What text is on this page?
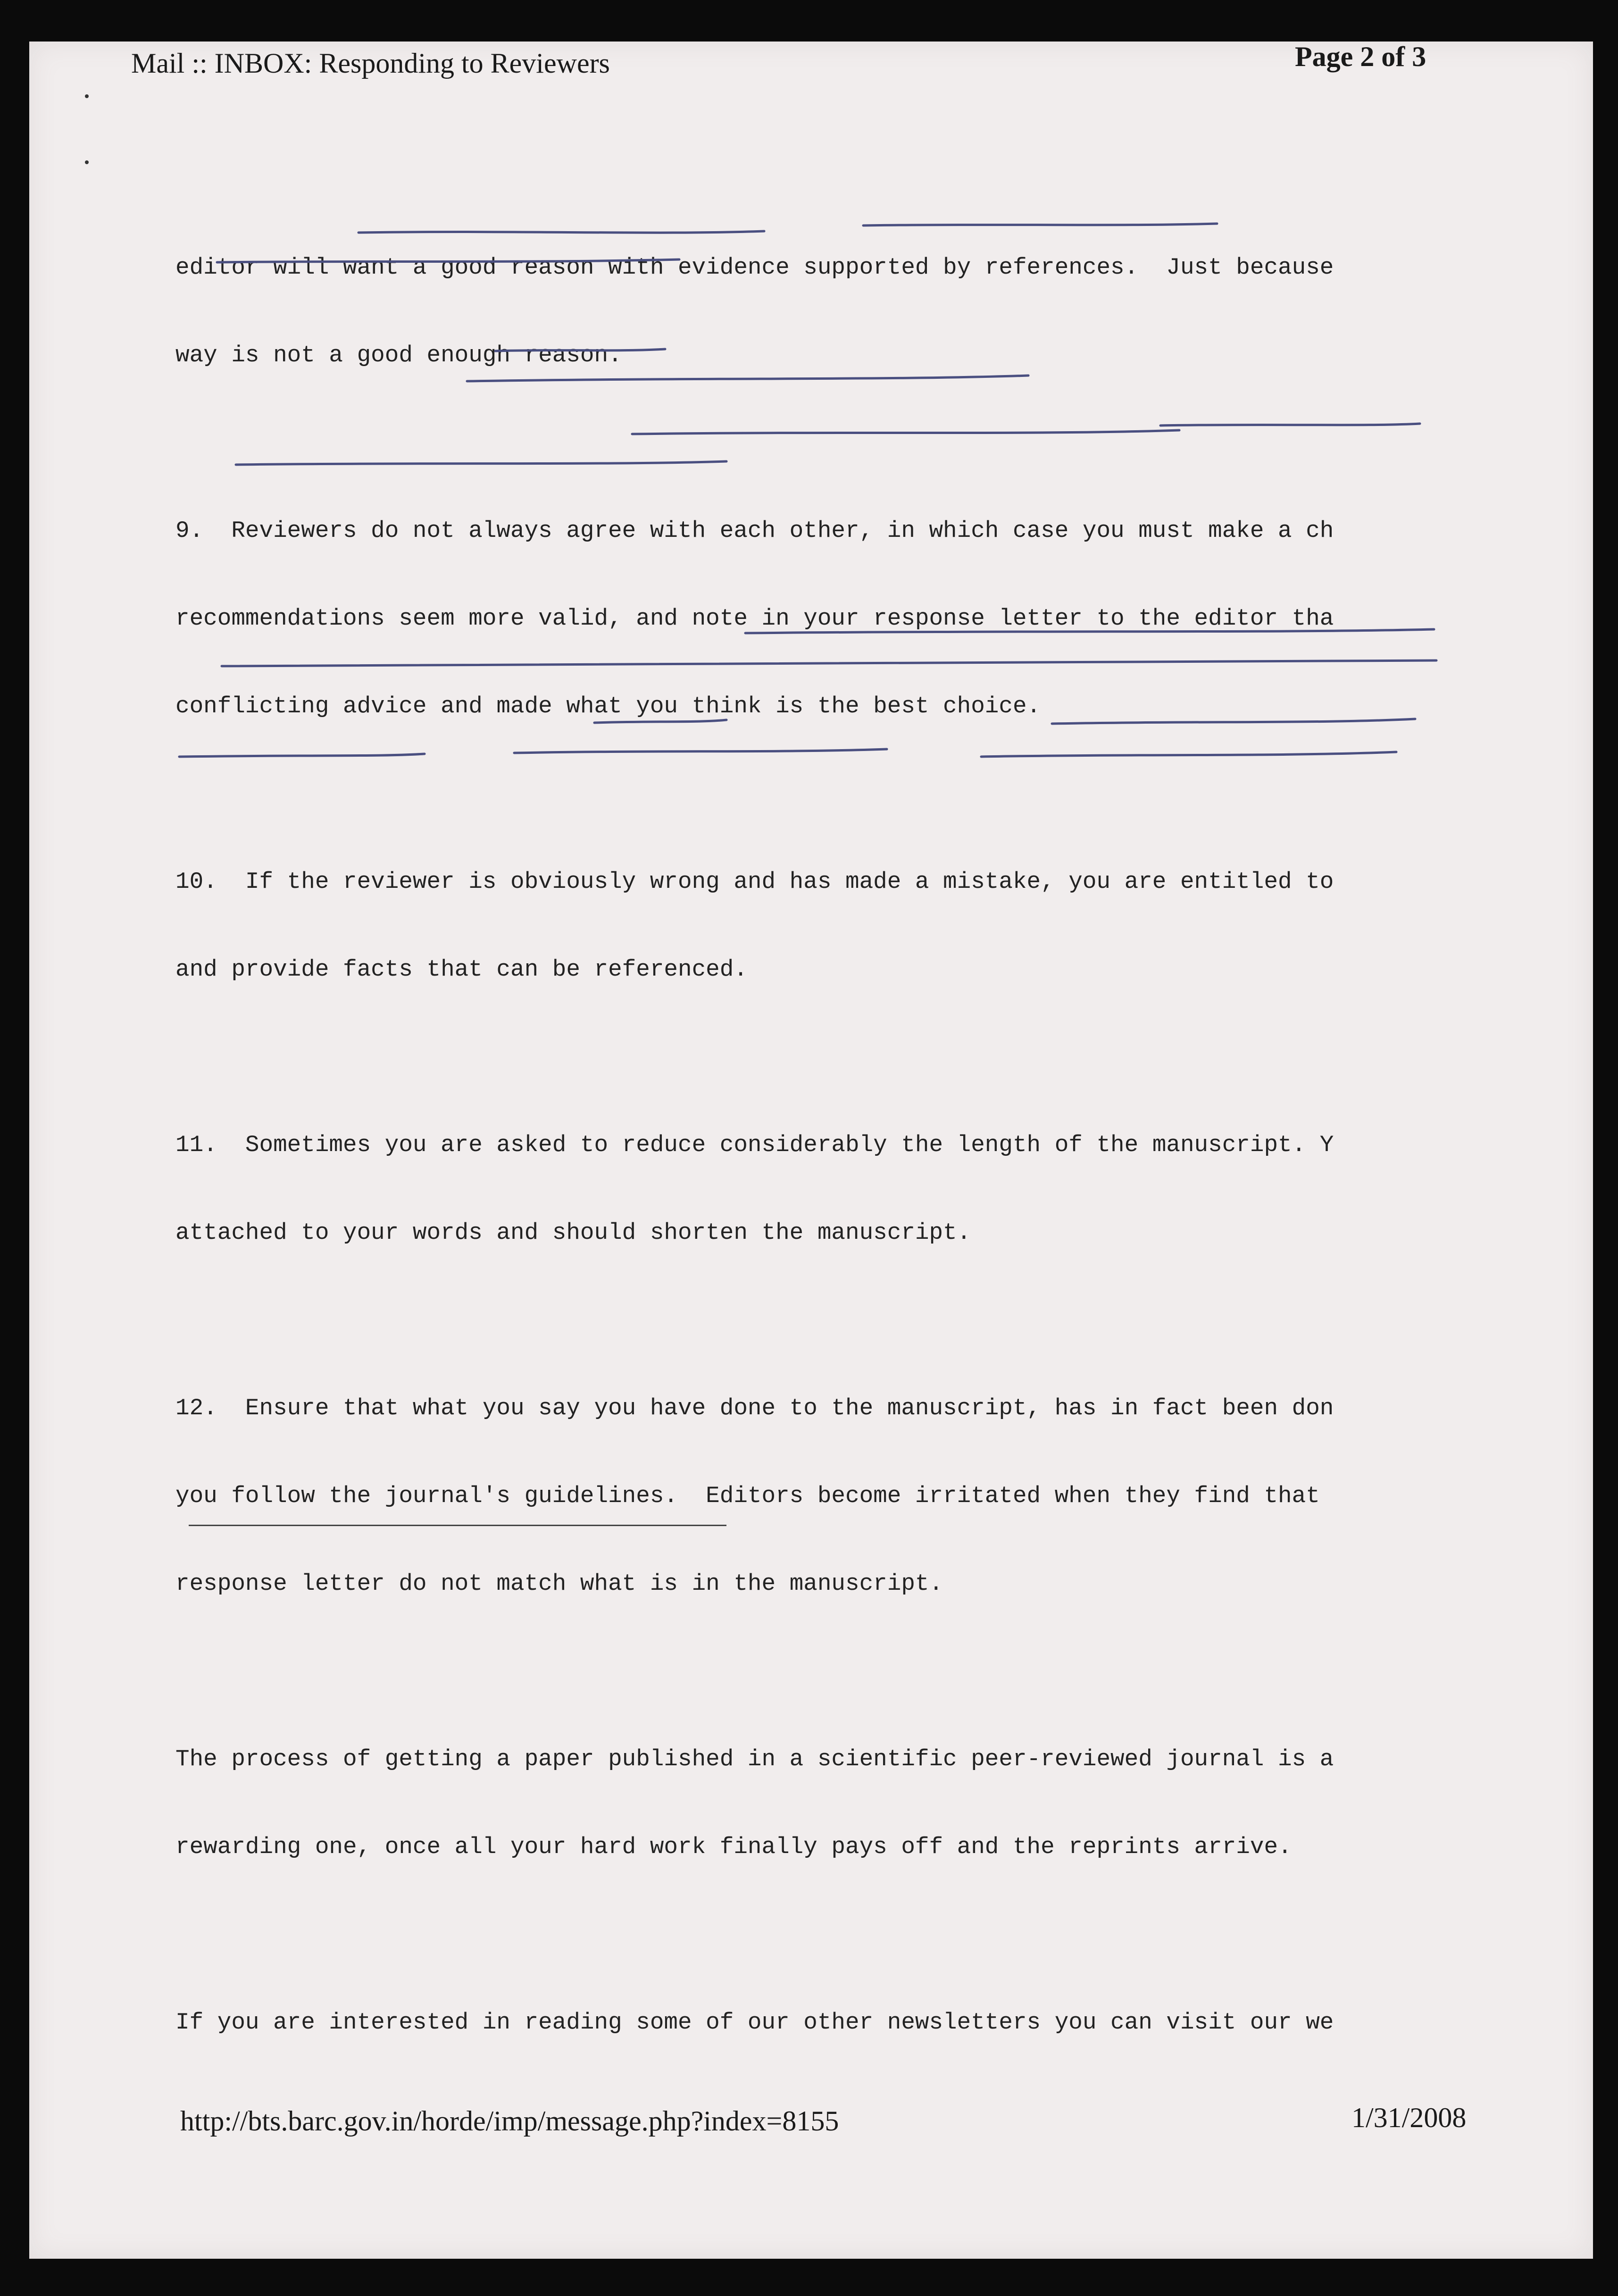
Mail :: INBOX: Responding to Reviewers	Page 2 of 3

editor will want a good reason with evidence supported by references.  Just because

way is not a good enough reason.

9.  Reviewers do not always agree with each other, in which case you must make a ch

recommendations seem more valid, and note in your response letter to the editor tha

conflicting advice and made what you think is the best choice.

10.  If the reviewer is obviously wrong and has made a mistake, you are entitled to

and provide facts that can be referenced.

11.  Sometimes you are asked to reduce considerably the length of the manuscript. Y

attached to your words and should shorten the manuscript.

12.  Ensure that what you say you have done to the manuscript, has in fact been don

you follow the journal's guidelines.  Editors become irritated when they find that

response letter do not match what is in the manuscript.

The process of getting a paper published in a scientific peer-reviewed journal is a

rewarding one, once all your hard work finally pays off and the reprints arrive.

If you are interested in reading some of our other newsletters you can visit our we

http://bts.barc.gov.in/horde/imp/message.php?index=8155	1/31/2008
